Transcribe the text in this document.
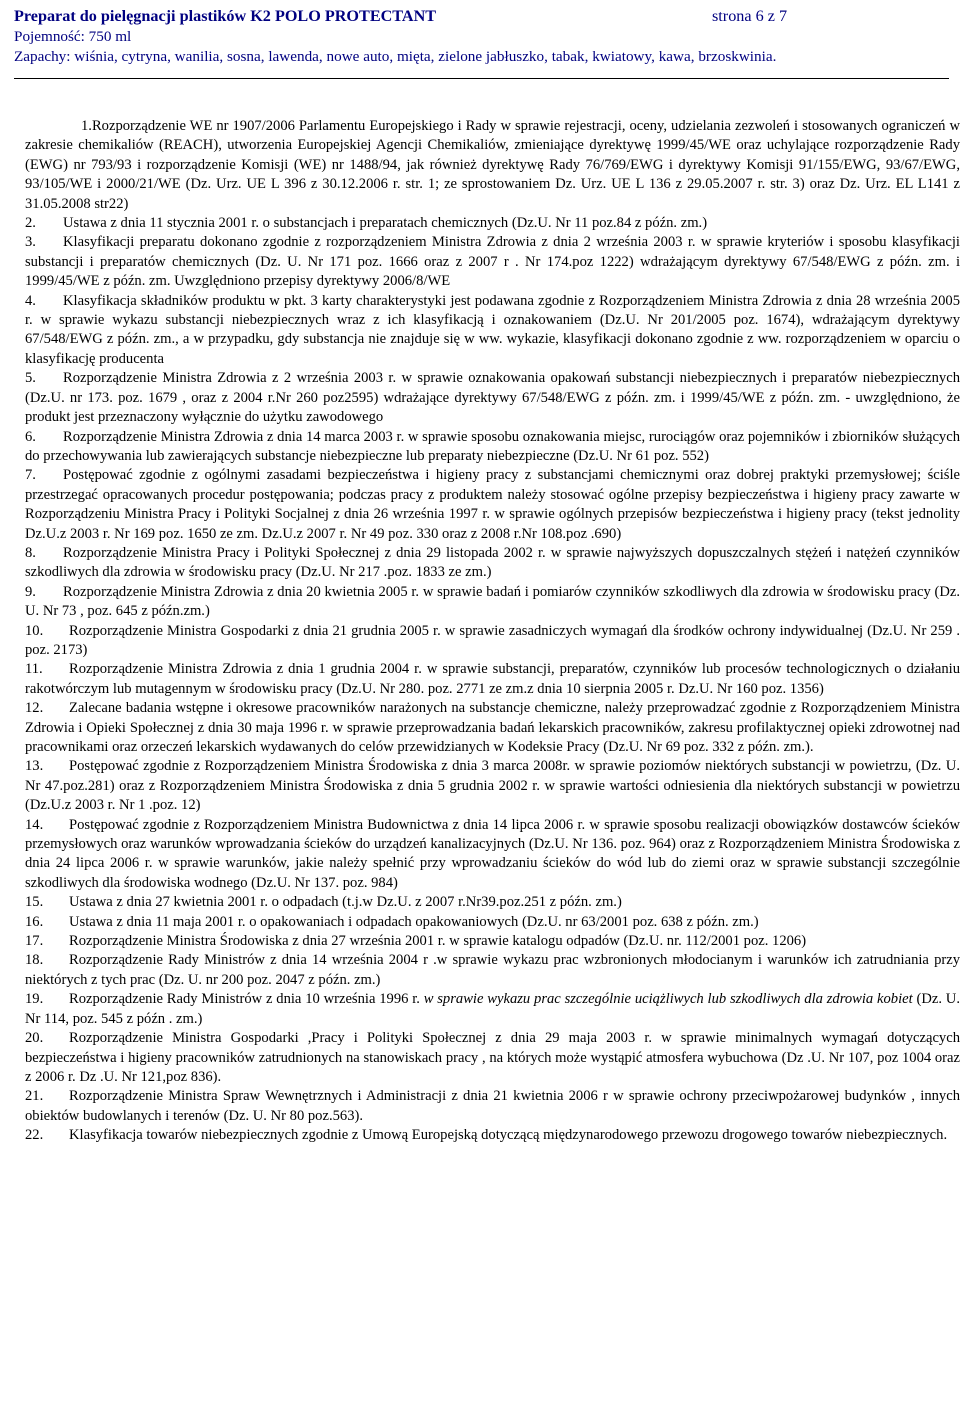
Preparat do pielęgnacji plastików K2 POLO PROTECTANT	strona 6 z 7
Pojemność: 750 ml
Zapachy: wiśnia, cytryna, wanilia, sosna, lawenda, nowe auto, mięta, zielone jabłuszko, tabak, kwiatowy, kawa, brzoskwinia.

1.Rozporządzenie WE nr 1907/2006 Parlamentu Europejskiego i Rady w sprawie rejestracji, oceny, udzielania zezwoleń i stosowanych ograniczeń w zakresie chemikaliów (REACH), utworzenia Europejskiej Agencji Chemikaliów, zmieniające dyrektywę 1999/45/WE oraz uchylające rozporządzenie Rady (EWG) nr 793/93 i rozporządzenie Komisji (WE) nr 1488/94, jak również dyrektywę Rady 76/769/EWG i dyrektywy Komisji 91/155/EWG, 93/67/EWG, 93/105/WE i 2000/21/WE (Dz. Urz. UE L 396 z 30.12.2006 r. str. 1; ze sprostowaniem Dz. Urz. UE L 136 z 29.05.2007 r. str. 3) oraz Dz. Urz. EL L141 z 31.05.2008 str22)

2. Ustawa z dnia 11 stycznia 2001 r. o substancjach i preparatach chemicznych (Dz.U. Nr 11 poz.84 z późn. zm.)

3. Klasyfikacji preparatu dokonano zgodnie z rozporządzeniem Ministra Zdrowia z dnia 2 września 2003 r. w sprawie kryteriów i sposobu klasyfikacji substancji i preparatów chemicznych (Dz. U. Nr 171 poz. 1666 oraz z 2007 r . Nr 174.poz 1222) wdrażającym dyrektywy 67/548/EWG z późn. zm. i 1999/45/WE z późn. zm. Uwzględniono przepisy dyrektywy 2006/8/WE

4. Klasyfikacja składników produktu w pkt. 3 karty charakterystyki jest podawana zgodnie z Rozporządzeniem Ministra Zdrowia z dnia 28 września 2005 r. w sprawie wykazu substancji niebezpiecznych wraz z ich klasyfikacją i oznakowaniem (Dz.U. Nr 201/2005 poz. 1674), wdrażającym dyrektywy 67/548/EWG z późn. zm., a w przypadku, gdy substancja nie znajduje się w ww. wykazie, klasyfikacji dokonano zgodnie z ww. rozporządzeniem w oparciu o klasyfikację producenta

5. Rozporządzenie Ministra Zdrowia z 2 września 2003 r. w sprawie oznakowania opakowań substancji niebezpiecznych i preparatów niebezpiecznych (Dz.U. nr 173. poz. 1679 , oraz z 2004 r.Nr 260 poz2595) wdrażające dyrektywy 67/548/EWG z późn. zm. i 1999/45/WE z późn. zm. - uwzględniono, że produkt jest przeznaczony wyłącznie do użytku zawodowego

6. Rozporządzenie Ministra Zdrowia z dnia 14 marca 2003 r. w sprawie sposobu oznakowania miejsc, rurociągów oraz pojemników i zbiorników służących do przechowywania lub zawierających substancje niebezpieczne lub preparaty niebezpieczne (Dz.U. Nr 61 poz. 552)

7. Postępować zgodnie z ogólnymi zasadami bezpieczeństwa i higieny pracy z substancjami chemicznymi oraz dobrej praktyki przemysłowej; ściśle przestrzegać opracowanych procedur postępowania; podczas pracy z produktem należy stosować ogólne przepisy bezpieczeństwa i higieny pracy zawarte w Rozporządzeniu Ministra Pracy i Polityki Socjalnej z dnia 26 września 1997 r. w sprawie ogólnych przepisów bezpieczeństwa i higieny pracy (tekst jednolity Dz.U.z 2003 r. Nr 169 poz. 1650 ze zm. Dz.U.z 2007 r. Nr 49 poz. 330 oraz z 2008 r.Nr 108.poz .690)

8. Rozporządzenie Ministra Pracy i Polityki Społecznej z dnia 29 listopada 2002 r. w sprawie najwyższych dopuszczalnych stężeń i natężeń czynników szkodliwych dla zdrowia w środowisku pracy (Dz.U. Nr 217 .poz. 1833 ze zm.)

9. Rozporządzenie Ministra Zdrowia z dnia 20 kwietnia 2005 r. w sprawie badań i pomiarów czynników szkodliwych dla zdrowia w środowisku pracy (Dz. U. Nr 73 , poz. 645 z późn.zm.)

10. Rozporządzenie Ministra Gospodarki z dnia 21 grudnia 2005 r. w sprawie zasadniczych wymagań dla środków ochrony indywidualnej (Dz.U. Nr 259 . poz. 2173)

11. Rozporządzenie Ministra Zdrowia z dnia 1 grudnia 2004 r. w sprawie substancji, preparatów, czynników lub procesów technologicznych o działaniu rakotwórczym lub mutagennym w środowisku pracy (Dz.U. Nr 280. poz. 2771 ze zm.z dnia 10 sierpnia 2005 r. Dz.U. Nr 160 poz. 1356)

12. Zalecane badania wstępne i okresowe pracowników narażonych na substancje chemiczne, należy przeprowadzać zgodnie z Rozporządzeniem Ministra Zdrowia i Opieki Społecznej z dnia 30 maja 1996 r. w sprawie przeprowadzania badań lekarskich pracowników, zakresu profilaktycznej opieki zdrowotnej nad pracownikami oraz orzeczeń lekarskich wydawanych do celów przewidzianych w Kodeksie Pracy (Dz.U. Nr 69 poz. 332 z późn. zm.).

13. Postępować zgodnie z Rozporządzeniem Ministra Środowiska z dnia 3 marca 2008r. w sprawie poziomów niektórych substancji w powietrzu, (Dz. U. Nr 47.poz.281) oraz z Rozporządzeniem Ministra Środowiska z dnia 5 grudnia 2002 r. w sprawie wartości odniesienia dla niektórych substancji w powietrzu (Dz.U.z 2003 r. Nr 1 .poz. 12)

14. Postępować zgodnie z Rozporządzeniem Ministra Budownictwa z dnia 14 lipca 2006 r. w sprawie sposobu realizacji obowiązków dostawców ścieków przemysłowych oraz warunków wprowadzania ścieków do urządzeń kanalizacyjnych (Dz.U. Nr 136. poz. 964) oraz z Rozporządzeniem Ministra Środowiska z dnia 24 lipca 2006 r. w sprawie warunków, jakie należy spełnić przy wprowadzaniu ścieków do wód lub do ziemi oraz w sprawie substancji szczególnie szkodliwych dla środowiska wodnego (Dz.U. Nr 137. poz. 984)

15. Ustawa z dnia 27 kwietnia 2001 r. o odpadach (t.j.w Dz.U. z 2007 r.Nr39.poz.251 z późn. zm.)

16. Ustawa z dnia 11 maja 2001 r. o opakowaniach i odpadach opakowaniowych (Dz.U. nr 63/2001 poz. 638 z późn. zm.)

17. Rozporządzenie Ministra Środowiska z dnia 27 września 2001 r. w sprawie katalogu odpadów (Dz.U. nr. 112/2001 poz. 1206)

18. Rozporządzenie Rady Ministrów z dnia 14 września 2004 r .w sprawie wykazu prac wzbronionych młodocianym i warunków ich zatrudniania przy niektórych z tych prac (Dz. U. nr 200 poz. 2047 z późn. zm.)

19. Rozporządzenie Rady Ministrów z dnia 10 września 1996 r. w sprawie wykazu prac szczególnie uciążliwych lub szkodliwych dla zdrowia kobiet (Dz. U. Nr 114, poz. 545 z późn . zm.)

20. Rozporządzenie Ministra Gospodarki ,Pracy i Polityki Społecznej z dnia 29 maja 2003 r. w sprawie minimalnych wymagań dotyczących bezpieczeństwa i higieny pracowników zatrudnionych na stanowiskach pracy , na których może wystąpić atmosfera wybuchowa (Dz .U. Nr 107, poz 1004 oraz z 2006 r. Dz .U. Nr 121,poz 836).

21. Rozporządzenie Ministra Spraw Wewnętrznych i Administracji z dnia 21 kwietnia 2006 r w sprawie ochrony przeciwpożarowej budynków , innych obiektów budowlanych i terenów (Dz. U. Nr 80 poz.563).

22. Klasyfikacja towarów niebezpiecznych zgodnie z Umową Europejską dotyczącą międzynarodowego przewozu drogowego towarów niebezpiecznych.
